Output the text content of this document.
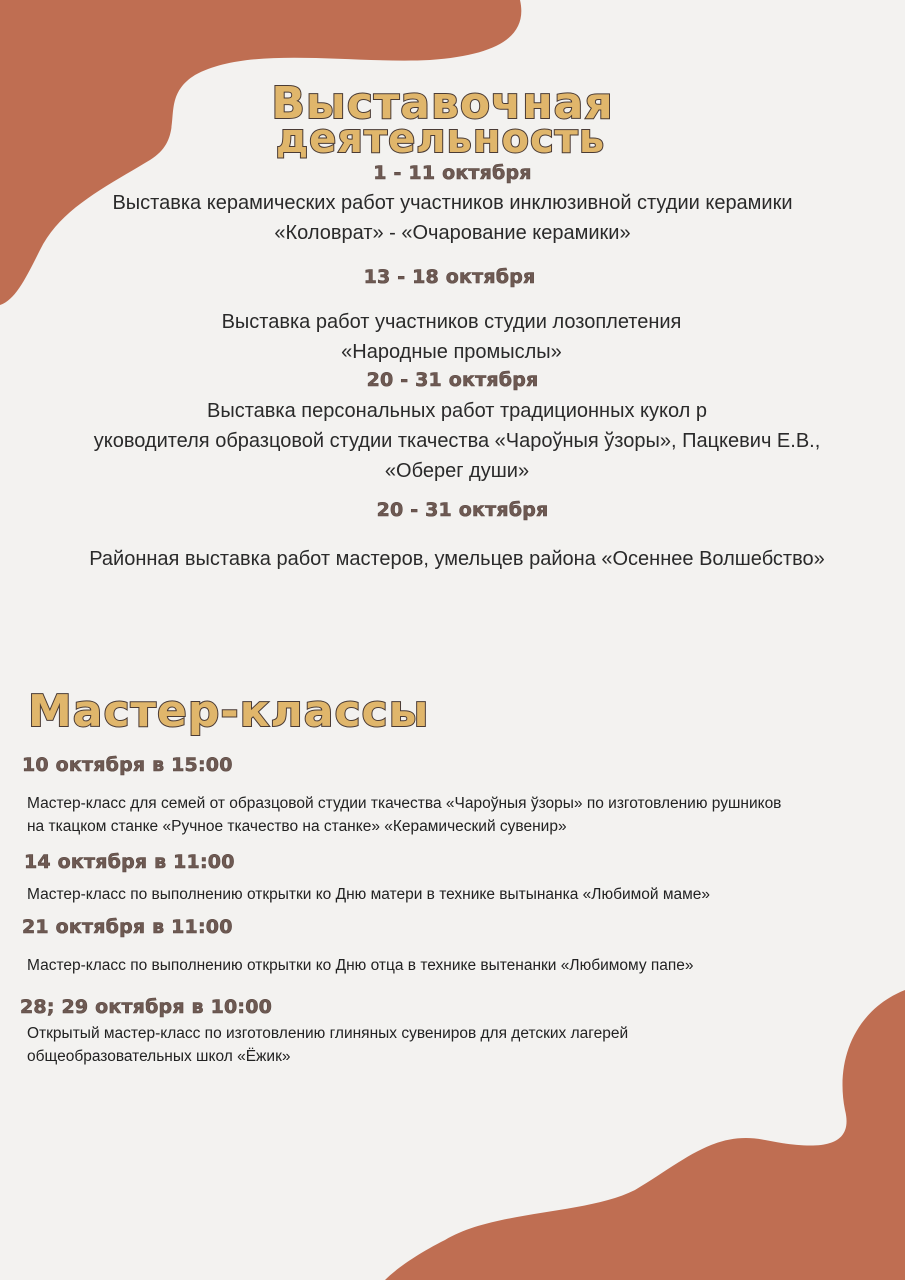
Выставочная
деятельность

1 - 11 октября

Выставка керамических работ участников инклюзивной студии керамики
«Коловрат» - «Очарование керамики»

13 - 18 октября

Выставка работ участников студии лозоплетения
«Народные промыслы»

20 - 31 октября

Выставка персональных работ традиционных кукол р
уководителя образцовой студии ткачества «Чароўныя ўзоры», Пацкевич Е.В.,
«Оберег души»

20 - 31 октября

Районная выставка работ мастеров, умельцев района «Осеннее Волшебство»

Мастер-классы

10 октября в 15:00

Мастер-класс для семей от образцовой студии ткачества «Чароўныя ўзоры» по изготовлению рушников
на ткацком станке «Ручное ткачество на станке» «Керамический сувенир»

14 октября в 11:00

Мастер-класс по выполнению открытки ко Дню матери в технике вытынанка «Любимой маме»

21 октября в 11:00

Мастер-класс по выполнению открытки ко Дню отца в технике вытенанки «Любимому папе»

28; 29 октября в 10:00

Открытый мастер-класс по изготовлению глиняных сувениров для детских лагерей
общеобразовательных школ «Ёжик»
